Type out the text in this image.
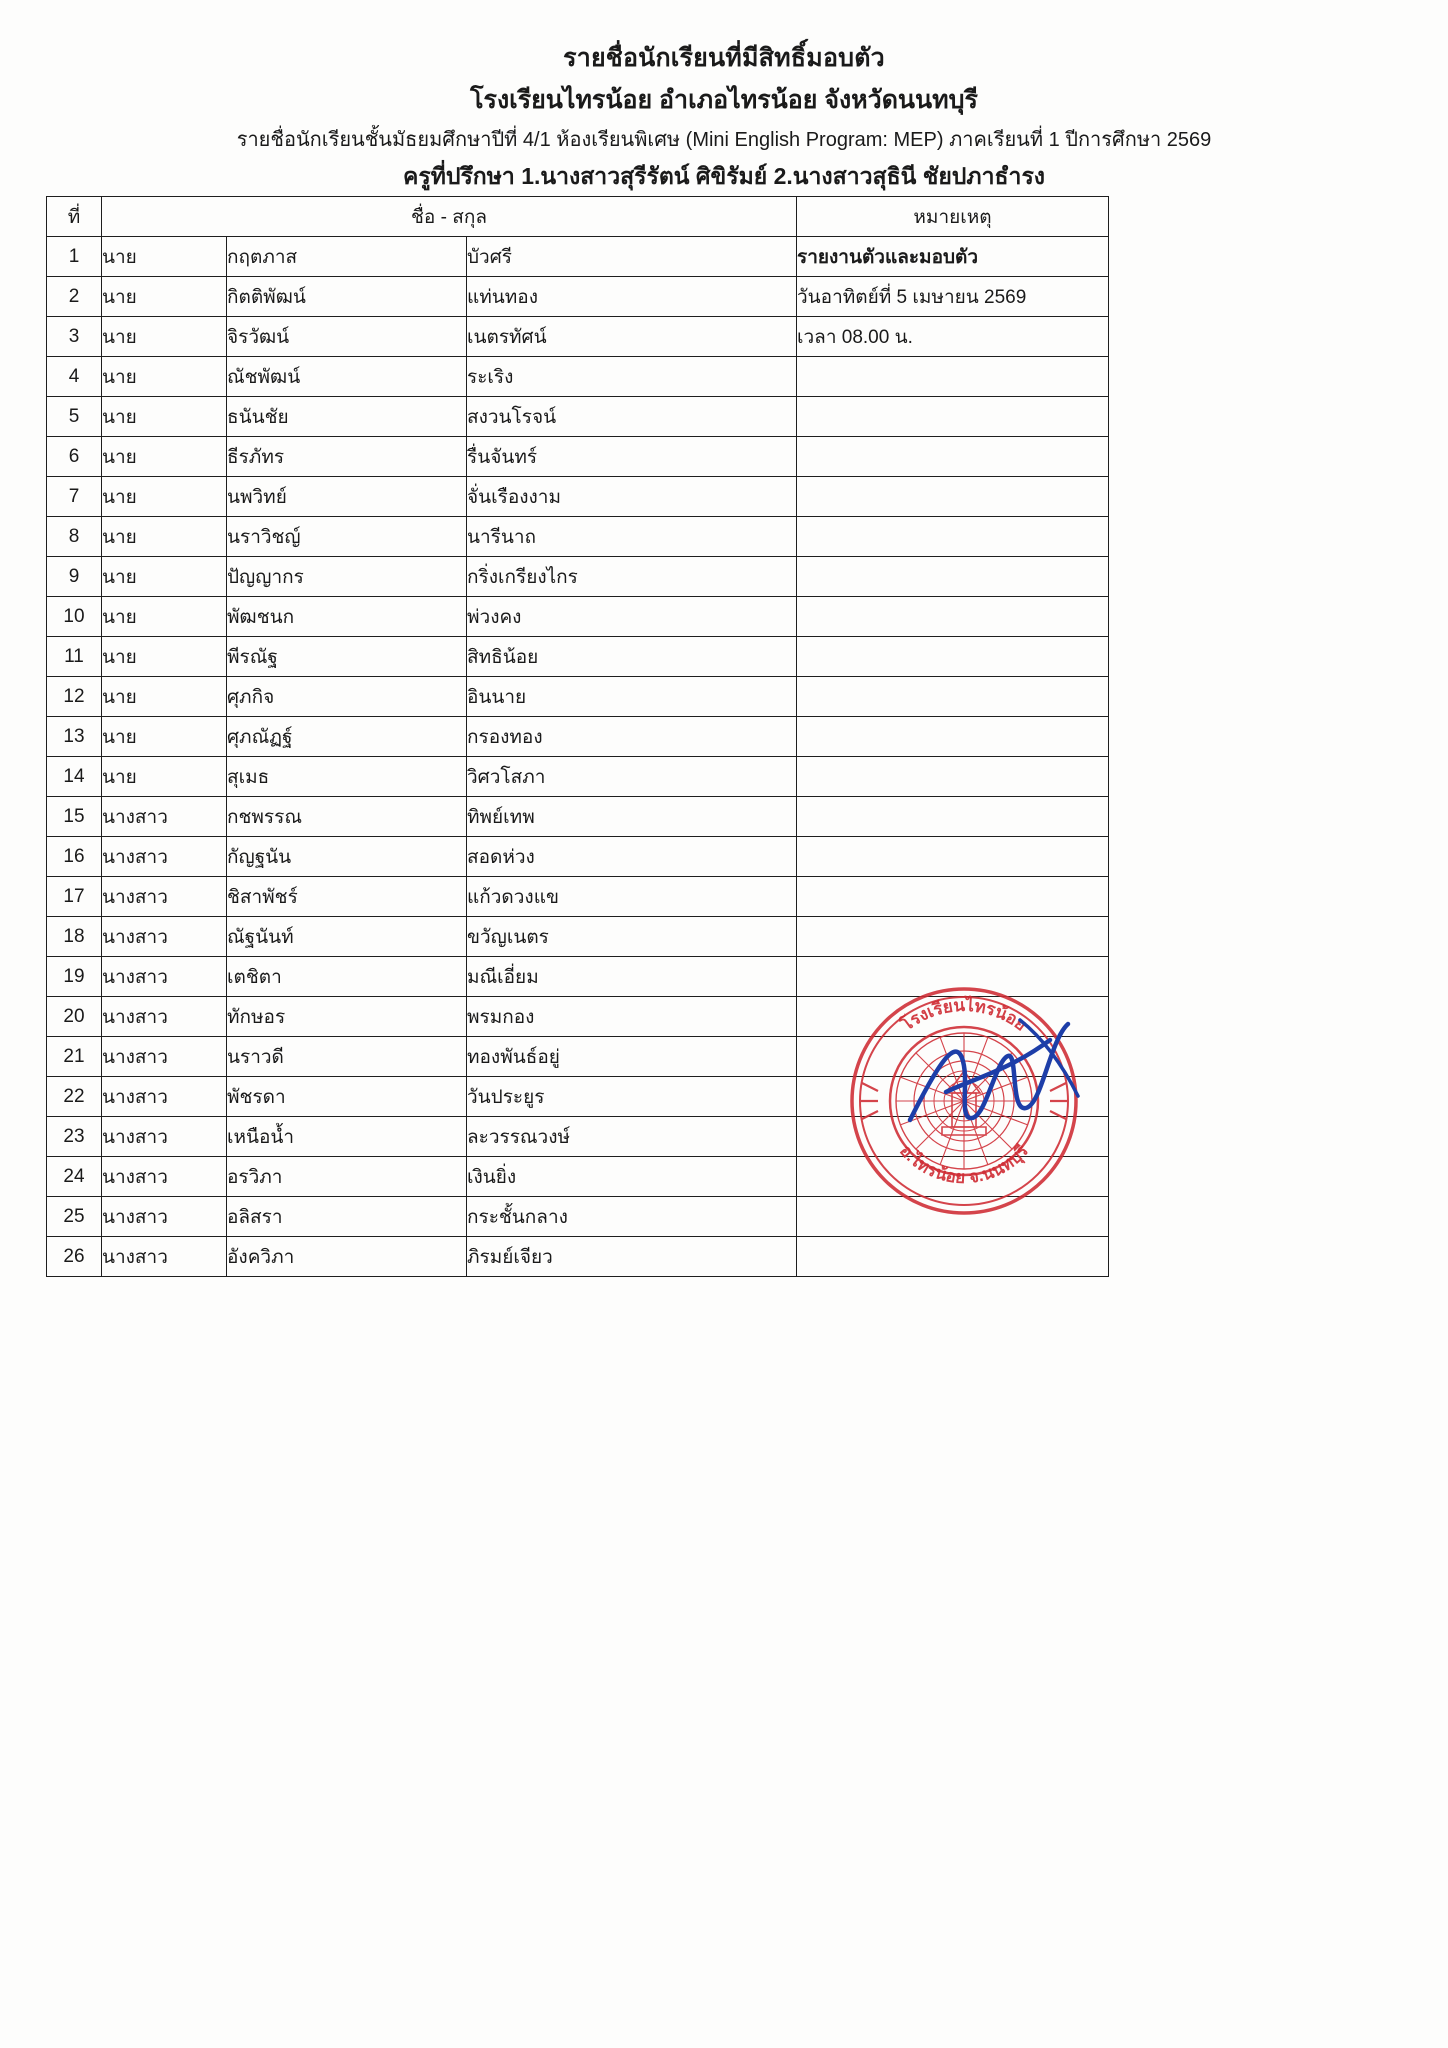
รายชื่อนักเรียนที่มีสิทธิ์มอบตัว
โรงเรียนไทรน้อย อำเภอไทรน้อย จังหวัดนนทบุรี
รายชื่อนักเรียนชั้นมัธยมศึกษาปีที่ 4/1 ห้องเรียนพิเศษ (Mini English Program: MEP) ภาคเรียนที่ 1 ปีการศึกษา 2569
ครูที่ปรึกษา 1.นางสาวสุรีรัตน์ ศิขิรัมย์ 2.นางสาวสุธินี ชัยปภาธำรง
ที่	ชื่อ - สกุล			หมายเหตุ
1	นาย	กฤตภาส	บัวศรี	รายงานตัวและมอบตัว
2	นาย	กิตติพัฒน์	แท่นทอง	วันอาทิตย์ที่ 5 เมษายน 2569
3	นาย	จิรวัฒน์	เนตรทัศน์	เวลา 08.00 น.
4	นาย	ณัชพัฒน์	ระเริง	
5	นาย	ธนันชัย	สงวนโรจน์	
6	นาย	ธีรภัทร	รื่นจันทร์	
7	นาย	นพวิทย์	จั่นเรืองงาม	
8	นาย	นราวิชญ์	นารีนาถ	
9	นาย	ปัญญากร	กริ่งเกรียงไกร	
10	นาย	พัฒชนก	พ่วงคง	
11	นาย	พีรณัฐ	สิทธิน้อย	
12	นาย	ศุภกิจ	อินนาย	
13	นาย	ศุภณัฏฐ์	กรองทอง	
14	นาย	สุเมธ	วิศวโสภา	
15	นางสาว	กชพรรณ	ทิพย์เทพ	
16	นางสาว	กัญฐนัน	สอดห่วง	
17	นางสาว	ชิสาพัชร์	แก้วดวงแข	
18	นางสาว	ณัฐนันท์	ขวัญเนตร	
19	นางสาว	เตชิตา	มณีเอี่ยม	
20	นางสาว	ทักษอร	พรมกอง	
21	นางสาว	นราวดี	ทองพันธ์อยู่	
22	นางสาว	พัชรดา	วันประยูร	
23	นางสาว	เหนือน้ำ	ละวรรณวงษ์	
24	นางสาว	อรวิภา	เงินยิ่ง	
25	นางสาว	อลิสรา	กระชั้นกลาง	
26	นางสาว	อังควิภา	ภิรมย์เจียว	
โรงเรียนไทรน้อย
อ.ไทรน้อย จ.นนทบุรี
